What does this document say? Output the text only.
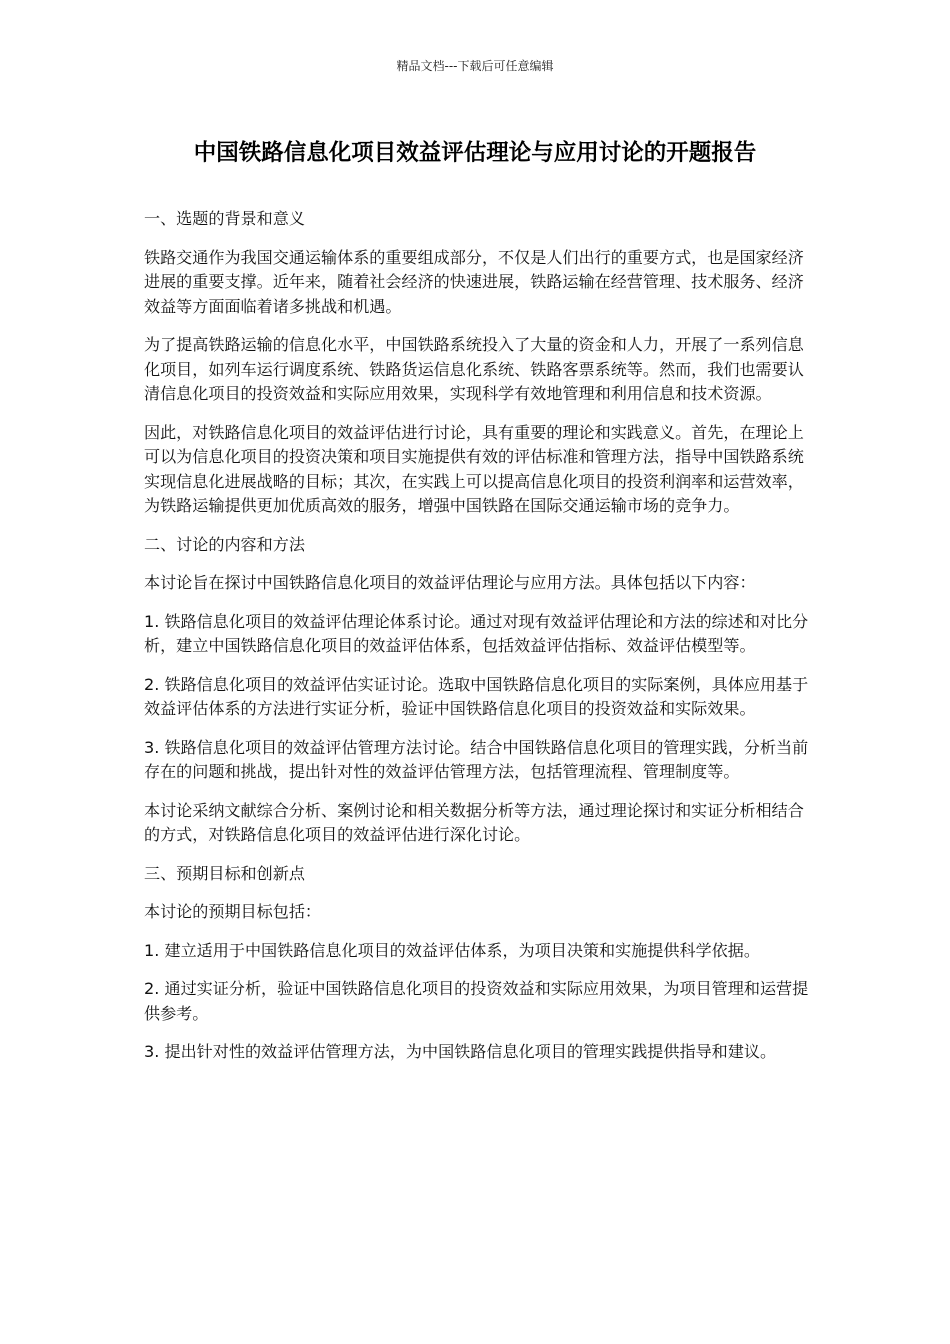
精品文档---下载后可任意编辑
中国铁路信息化项目效益评估理论与应用讨论的开题报告
一、选题的背景和意义

铁路交通作为我国交通运输体系的重要组成部分，不仅是人们出行的重要方式，也是国家经济进展的重要支撑。近年来，随着社会经济的快速进展，铁路运输在经营管理、技术服务、经济效益等方面面临着诸多挑战和机遇。

为了提高铁路运输的信息化水平，中国铁路系统投入了大量的资金和人力，开展了一系列信息化项目，如列车运行调度系统、铁路货运信息化系统、铁路客票系统等。然而，我们也需要认清信息化项目的投资效益和实际应用效果，实现科学有效地管理和利用信息和技术资源。

因此，对铁路信息化项目的效益评估进行讨论，具有重要的理论和实践意义。首先，在理论上可以为信息化项目的投资决策和项目实施提供有效的评估标准和管理方法，指导中国铁路系统实现信息化进展战略的目标；其次，在实践上可以提高信息化项目的投资利润率和运营效率，为铁路运输提供更加优质高效的服务，增强中国铁路在国际交通运输市场的竞争力。

二、讨论的内容和方法

本讨论旨在探讨中国铁路信息化项目的效益评估理论与应用方法。具体包括以下内容：

1. 铁路信息化项目的效益评估理论体系讨论。通过对现有效益评估理论和方法的综述和对比分析，建立中国铁路信息化项目的效益评估体系，包括效益评估指标、效益评估模型等。

2. 铁路信息化项目的效益评估实证讨论。选取中国铁路信息化项目的实际案例，具体应用基于效益评估体系的方法进行实证分析，验证中国铁路信息化项目的投资效益和实际效果。

3. 铁路信息化项目的效益评估管理方法讨论。结合中国铁路信息化项目的管理实践，分析当前存在的问题和挑战，提出针对性的效益评估管理方法，包括管理流程、管理制度等。

本讨论采纳文献综合分析、案例讨论和相关数据分析等方法，通过理论探讨和实证分析相结合的方式，对铁路信息化项目的效益评估进行深化讨论。

三、预期目标和创新点

本讨论的预期目标包括：

1. 建立适用于中国铁路信息化项目的效益评估体系，为项目决策和实施提供科学依据。

2. 通过实证分析，验证中国铁路信息化项目的投资效益和实际应用效果，为项目管理和运营提供参考。

3. 提出针对性的效益评估管理方法，为中国铁路信息化项目的管理实践提供指导和建议。
